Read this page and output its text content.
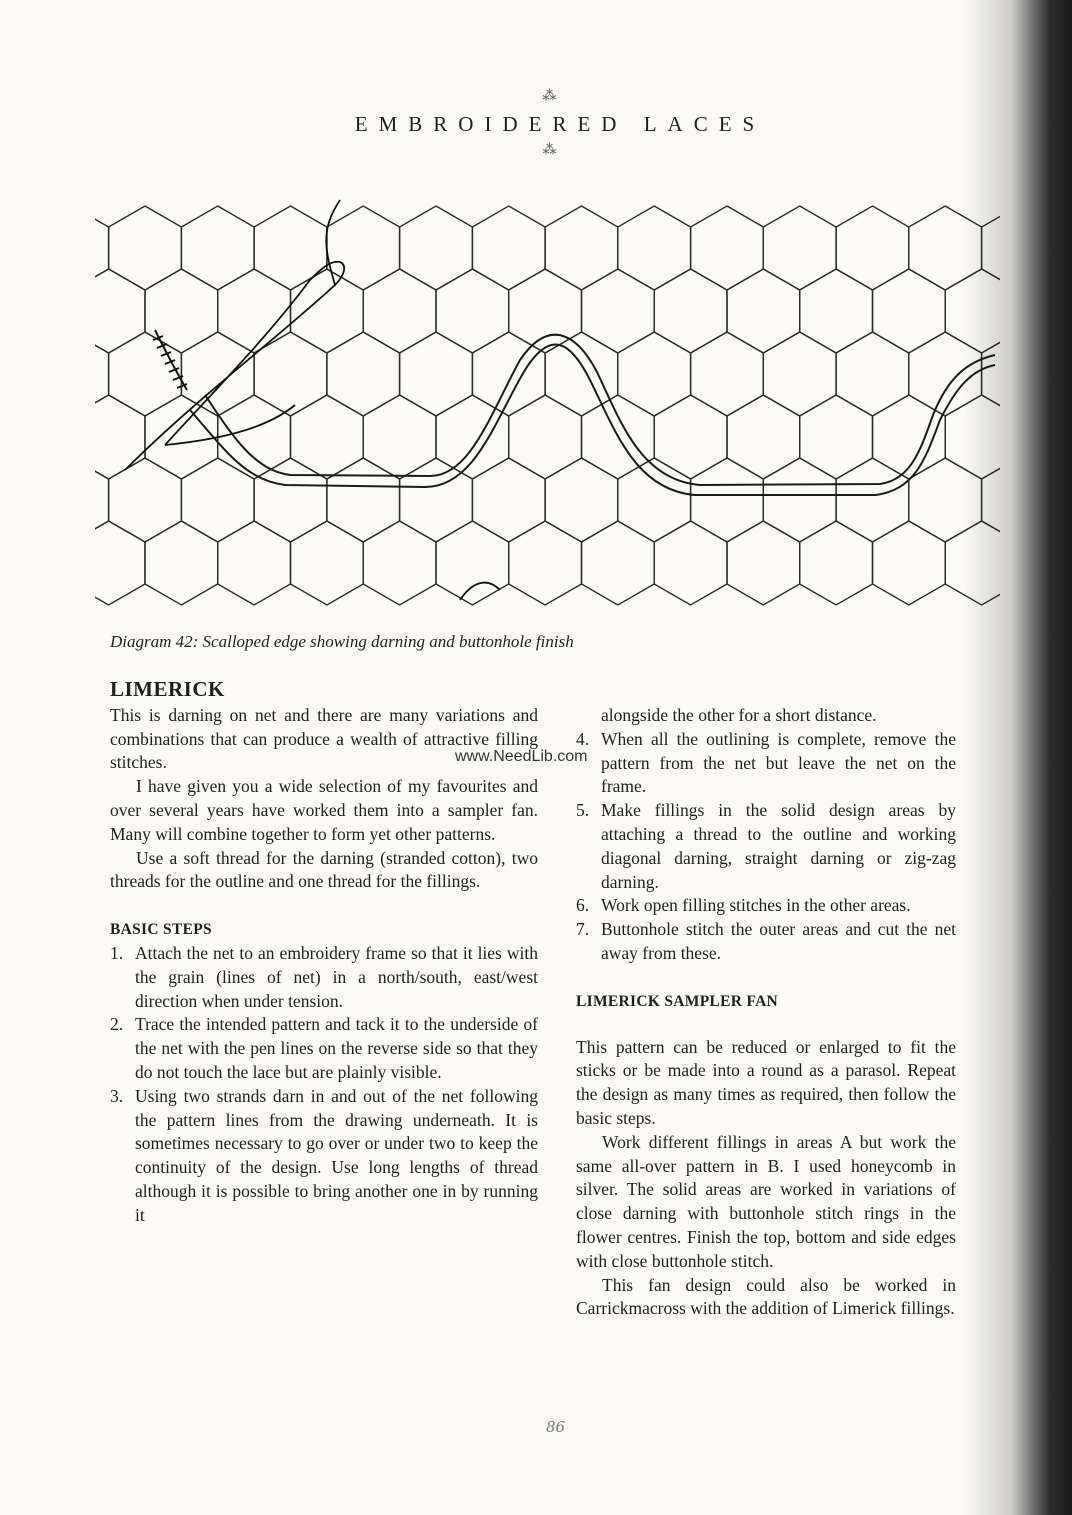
⁂
EMBROIDERED LACES
⁂
Diagram 42: Scalloped edge showing darning and buttonhole finish
LIMERICK

This is darning on net and there are many variations and combinations that can produce a wealth of attractive filling stitches.

I have given you a wide selection of my favourites and over several years have worked them into a sampler fan. Many will combine together to form yet other patterns.

Use a soft thread for the darning (stranded cotton), two threads for the outline and one thread for the fillings.

BASIC STEPS
1. Attach the net to an embroidery frame so that it lies with the grain (lines of net) in a north/south, east/west direction when under tension.
2. Trace the intended pattern and tack it to the underside of the net with the pen lines on the reverse side so that they do not touch the lace but are plainly visible.
3. Using two strands darn in and out of the net following the pattern lines from the drawing underneath. It is sometimes necessary to go over or under two to keep the continuity of the design. Use long lengths of thread although it is possible to bring another one in by running it

alongside the other for a short distance.

4. When all the outlining is complete, remove the pattern from the net but leave the net on the frame.
5. Make fillings in the solid design areas by attaching a thread to the outline and working diagonal darning, straight darning or zig-zag darning.
6. Work open filling stitches in the other areas.
7. Buttonhole stitch the outer areas and cut the net away from these.
LIMERICK SAMPLER FAN

This pattern can be reduced or enlarged to fit the sticks or be made into a round as a parasol. Repeat the design as many times as required, then follow the basic steps.

Work different fillings in areas A but work the same all-over pattern in B. I used honeycomb in silver. The solid areas are worked in variations of close darning with buttonhole stitch rings in the flower centres. Finish the top, bottom and side edges with close buttonhole stitch.

This fan design could also be worked in Carrickmacross with the addition of Limerick fillings.

www.NeedLib.com
86
